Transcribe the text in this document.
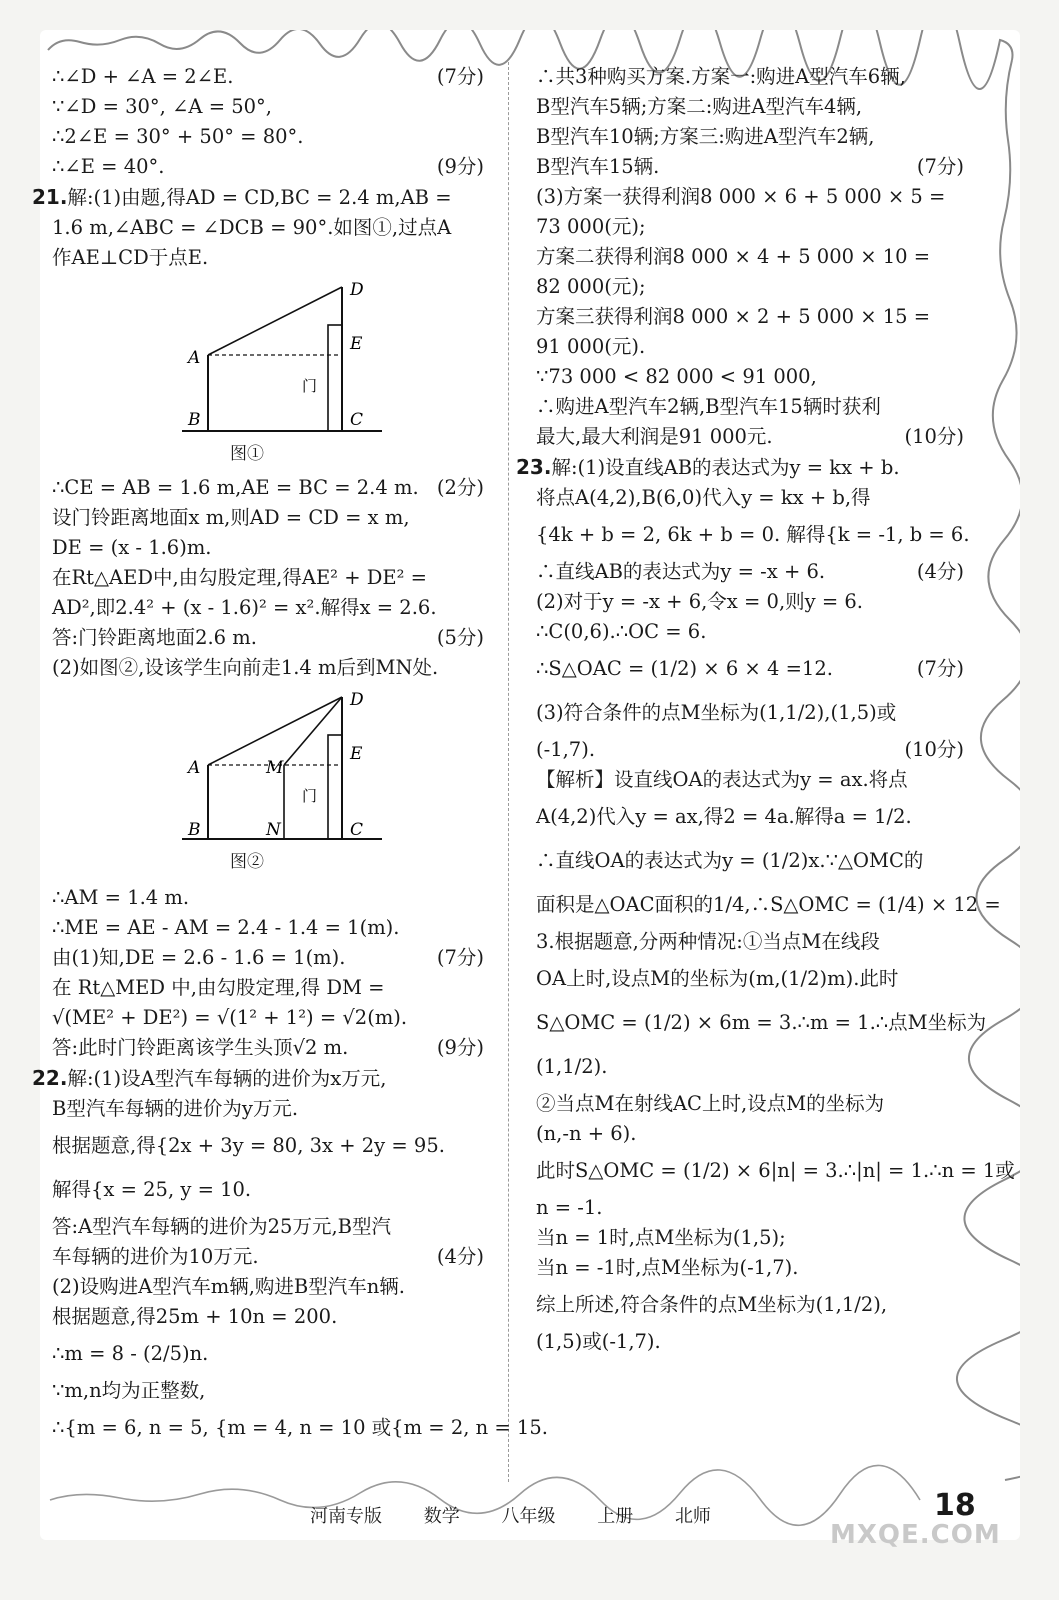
∴∠D + ∠A = 2∠E.	(7分)
∵∠D = 30°, ∠A = 50°,
∴2∠E = 30° + 50° = 80°.
∴∠E = 40°.	(9分)
21.解:(1)由题,得AD = CD,BC = 2.4 m,AB =
1.6 m,∠ABC = ∠DCB = 90°.如图①,过点A
作AE⊥CD于点E.
A
B	C
D
E
门
图①
∴CE = AB = 1.6 m,AE = BC = 2.4 m. (2分)
设门铃距离地面x m,则AD = CD = x m,
DE = (x - 1.6)m.
在Rt△AED中,由勾股定理,得AE² + DE² =
AD²,即2.4² + (x - 1.6)² = x².解得x = 2.6.
答:门铃距离地面2.6 m.	(5分)
(2)如图②,设该学生向前走1.4 m后到MN处.
A
B	C
D
E
M
N
门
图②
∴AM = 1.4 m.
∴ME = AE - AM = 2.4 - 1.4 = 1(m).
由(1)知,DE = 2.6 - 1.6 = 1(m).	(7分)
在 Rt△MED 中,由勾股定理,得 DM =
√(ME² + DE²) = √(1² + 1²) = √2(m).
答:此时门铃距离该学生头顶√2 m.	(9分)
22.解:(1)设A型汽车每辆的进价为x万元,
B型汽车每辆的进价为y万元.
根据题意,得{2x + 3y = 80, 3x + 2y = 95.
解得{x = 25, y = 10.
答:A型汽车每辆的进价为25万元,B型汽
车每辆的进价为10万元.	(4分)
(2)设购进A型汽车m辆,购进B型汽车n辆.
根据题意,得25m + 10n = 200.
∴m = 8 - (2/5)n.
∵m,n均为正整数,
∴{m = 6, n = 5, {m = 4, n = 10 或{m = 2, n = 15.
∴共3种购买方案.方案一:购进A型汽车6辆,
B型汽车5辆;方案二:购进A型汽车4辆,
B型汽车10辆;方案三:购进A型汽车2辆,
B型汽车15辆.	(7分)
(3)方案一获得利润8 000 × 6 + 5 000 × 5 =
73 000(元);
方案二获得利润8 000 × 4 + 5 000 × 10 =
82 000(元);
方案三获得利润8 000 × 2 + 5 000 × 15 =
91 000(元).
∵73 000 < 82 000 < 91 000,
∴购进A型汽车2辆,B型汽车15辆时获利
最大,最大利润是91 000元.	(10分)
23.解:(1)设直线AB的表达式为y = kx + b.
将点A(4,2),B(6,0)代入y = kx + b,得
{4k + b = 2, 6k + b = 0. 解得{k = -1, b = 6.
∴直线AB的表达式为y = -x + 6.	(4分)
(2)对于y = -x + 6,令x = 0,则y = 6.
∴C(0,6).∴OC = 6.
∴S△OAC = (1/2) × 6 × 4 =12.	(7分)
(3)符合条件的点M坐标为(1,1/2),(1,5)或
(-1,7).	(10分)
【解析】设直线OA的表达式为y = ax.将点
A(4,2)代入y = ax,得2 = 4a.解得a = 1/2.
∴直线OA的表达式为y = (1/2)x.∵△OMC的
面积是△OAC面积的1/4,∴S△OMC = (1/4) × 12 =
3.根据题意,分两种情况:①当点M在线段
OA上时,设点M的坐标为(m,(1/2)m).此时
S△OMC = (1/2) × 6m = 3.∴m = 1.∴点M坐标为
(1,1/2).
②当点M在射线AC上时,设点M的坐标为
(n,-n + 6).
此时S△OMC = (1/2) × 6|n| = 3.∴|n| = 1.∴n = 1或
n = -1.
当n = 1时,点M坐标为(1,5);
当n = -1时,点M坐标为(-1,7).
综上所述,符合条件的点M坐标为(1,1/2),
(1,5)或(-1,7).
河南专版 数学 八年级 上册 北师	18
MXQE.COM
